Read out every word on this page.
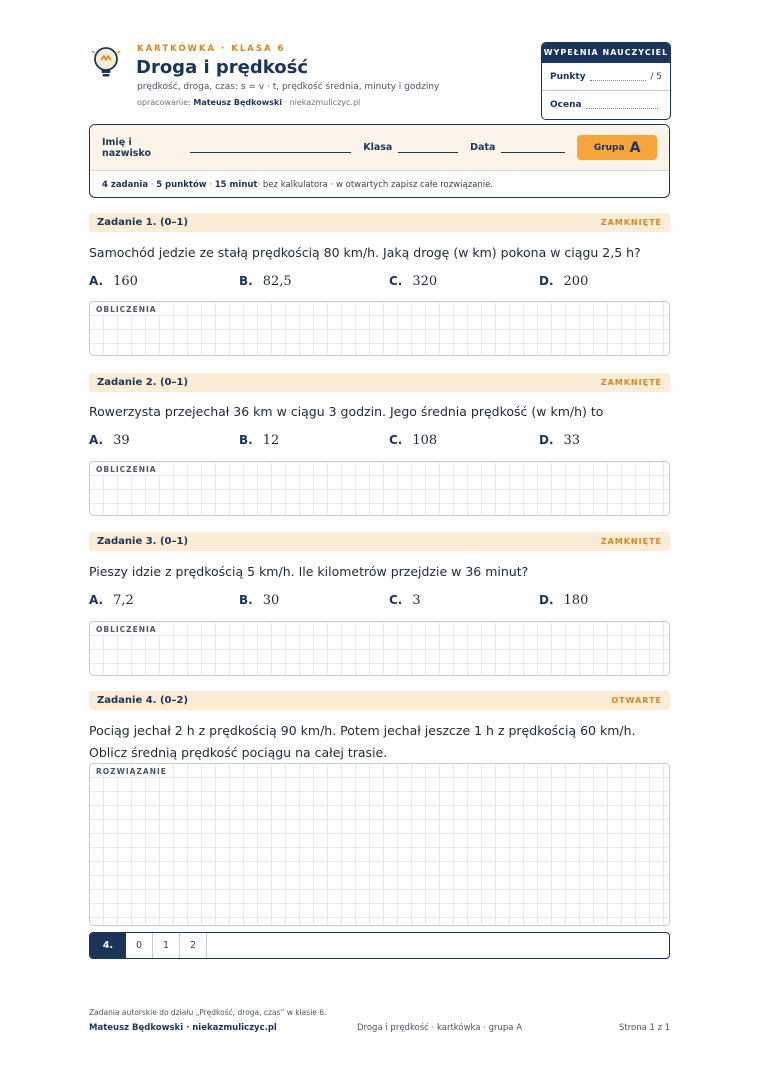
KARTKÓWKA · KLASA 6
Droga i prędkość
prędkość, droga, czas: s = v · t, prędkość średnia, minuty i godziny
opracowanie: Mateusz Będkowski · niekazmuliczyc.pl
WYPEŁNIA NAUCZYCIEL
Punkty	/ 5
Ocena
Imię i nazwisko	Klasa	Data	Grupa A
4 zadania · 5 punktów · 15 minut · bez kalkulatora · w otwartych zapisz całe rozwiązanie.
Zadanie 1. (0–1)	ZAMKNIĘTE
Samochód jedzie ze stałą prędkością 80 km/h. Jaką drogę (w km) pokona w ciągu 2,5 h?
A. 160	B. 82,5	C. 320	D. 200
OBLICZENIA
Zadanie 2. (0–1)	ZAMKNIĘTE
Rowerzysta przejechał 36 km w ciągu 3 godzin. Jego średnia prędkość (w km/h) to
A. 39	B. 12	C. 108	D. 33
OBLICZENIA
Zadanie 3. (0–1)	ZAMKNIĘTE
Pieszy idzie z prędkością 5 km/h. Ile kilometrów przejdzie w 36 minut?
A. 7,2	B. 30	C. 3	D. 180
OBLICZENIA
Zadanie 4. (0–2)	OTWARTE
Pociąg jechał 2 h z prędkością 90 km/h. Potem jechał jeszcze 1 h z prędkością 60 km/h.
Oblicz średnią prędkość pociągu na całej trasie.
ROZWIĄZANIE
4.	0	1	2
Zadania autorskie do działu „Prędkość, droga, czas” w klasie 6.
Mateusz Będkowski · niekazmuliczyc.pl	Droga i prędkość · kartkówka · grupa A	Strona 1 z 1
